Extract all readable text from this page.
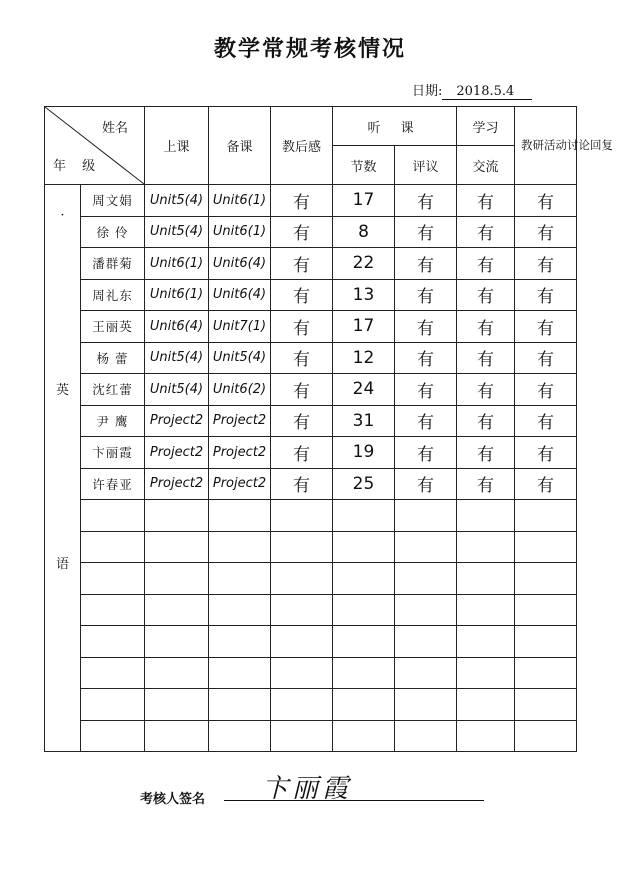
教学常规考核情况
日期: 2018.5.4
姓名
年 级		上课	备课	教后感	听 课		学习	教研活动讨论回复
					节数	评议	交流	

·
英
语	周文娟	Unit5(4)	Unit6(1)	有	17	有	有	有
	徐 伶	Unit5(4)	Unit6(1)	有	8	有	有	有
	潘群菊	Unit6(1)	Unit6(4)	有	22	有	有	有
	周礼东	Unit6(1)	Unit6(4)	有	13	有	有	有
	王丽英	Unit6(4)	Unit7(1)	有	17	有	有	有
	杨 蕾	Unit5(4)	Unit5(4)	有	12	有	有	有
	沈红蕾	Unit5(4)	Unit6(2)	有	24	有	有	有
	尹 鹰	Project2	Project2	有	31	有	有	有
	卞丽霞	Project2	Project2	有	19	有	有	有
	许春亚	Project2	Project2	有	25	有	有	有

考核人签名 卞丽霞
